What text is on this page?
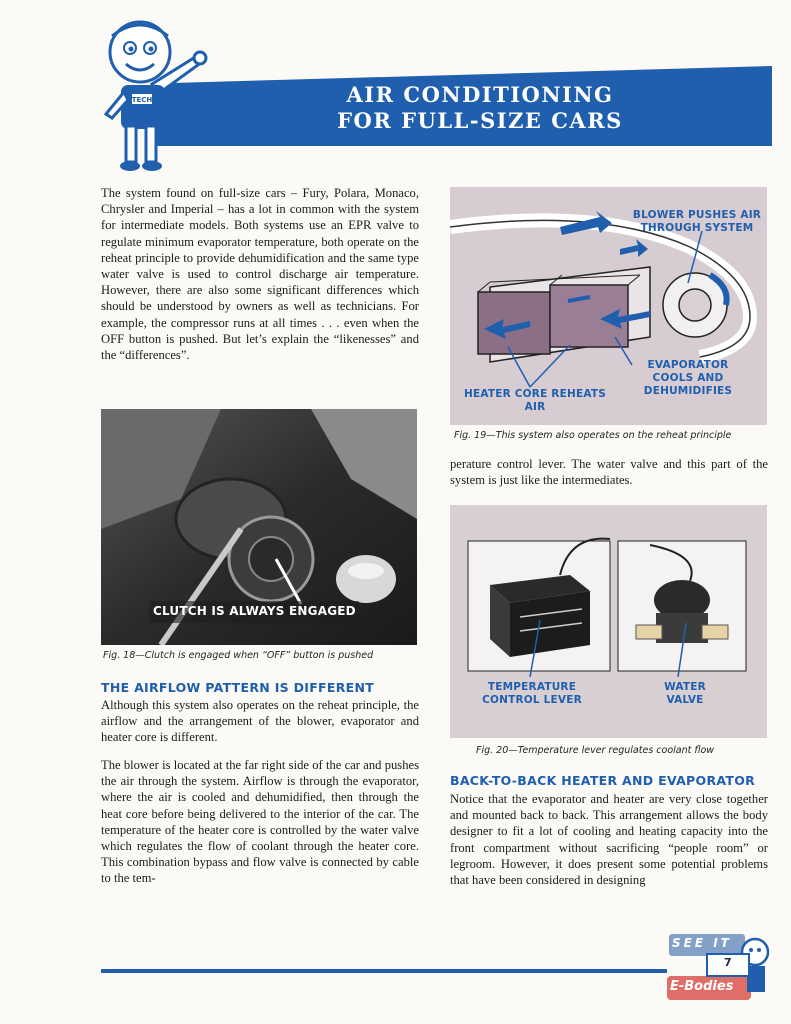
AIR CONDITIONING
FOR FULL-SIZE CARS
TECH

The system found on full-size cars – Fury, Polara, Monaco, Chrysler and Imperial – has a lot in common with the system for intermediate models. Both systems use an EPR valve to regulate minimum evaporator temperature, both operate on the reheat principle to provide dehumidification and the same type water valve is used to control discharge air temperature. However, there are also some significant differences which should be understood by owners as well as technicians. For example, the compressor runs at all times . . . even when the OFF button is pushed. But let’s explain the “likenesses” and the “differences”.

CLUTCH IS ALWAYS ENGAGED

Fig. 18—Clutch is engaged when “OFF” button is pushed

THE AIRFLOW PATTERN IS DIFFERENT

Although this system also operates on the reheat principle, the airflow and the arrangement of the blower, evaporator and heater core is different.

The blower is located at the far right side of the car and pushes the air through the system. Airflow is through the evaporator, where the air is cooled and dehumidified, then through the heat core before being delivered to the interior of the car. The temperature of the heater core is controlled by the water valve which regulates the flow of coolant through the heater core. This combination bypass and flow valve is connected by cable to the tem-

BLOWER PUSHES AIR THROUGH SYSTEM
HEATER CORE REHEATS AIR
EVAPORATOR COOLS AND DEHUMIDIFIES

Fig. 19—This system also operates on the reheat principle

perature control lever. The water valve and this part of the system is just like the intermediates.

TEMPERATURE CONTROL LEVER
WATER VALVE

Fig. 20—Temperature lever regulates coolant flow

BACK-TO-BACK HEATER AND EVAPORATOR

Notice that the evaporator and heater are very close together and mounted back to back. This arrangement allows the body designer to fit a lot of cooling and heating capacity into the front compartment without sacrificing “people room” or legroom. However, it does present some potential problems that have been considered in designing

SEE IT

7

E-Bodies
